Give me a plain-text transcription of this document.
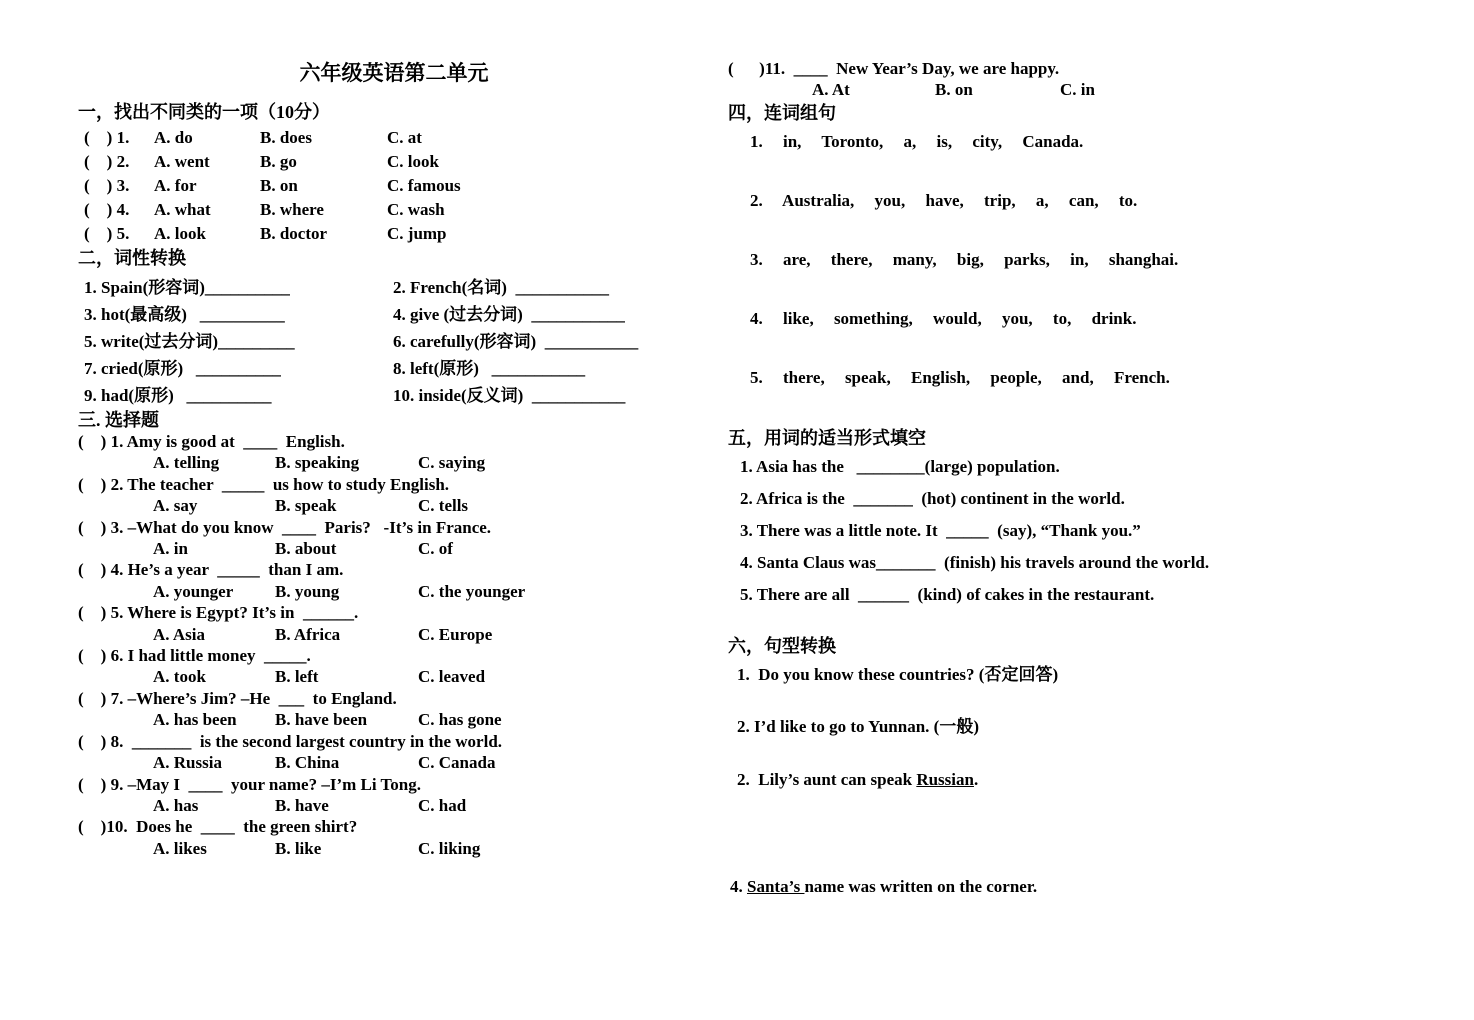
六年级英语第二单元
一，找出不同类的一项（10分）
(    ) 1.	A. do	B. does	C. at
(    ) 2.	A. went	B. go	C. look
(    ) 3.	A. for	B. on	C. famous
(    ) 4.	A. what	B. where	C. wash
(    ) 5.	A. look	B. doctor	C. jump
二，词性转换
1. Spain(形容词)__________	2. French(名词)  ___________
3. hot(最高级)   __________	4. give (过去分词)  ___________
5. write(过去分词)_________	6. carefully(形容词)  ___________
7. cried(原形)   __________	8. left(原形)   ___________
9. had(原形)   __________	10. inside(反义词)  ___________
三. 选择题
(    ) 1. Amy is good at  ____  English.
A. telling	B. speaking	C. saying
(    ) 2. The teacher  _____  us how to study English.
A. say	B. speak	C. tells
(    ) 3. –What do you know  ____  Paris?   -It’s in France.
A. in	B. about	C. of
(    ) 4. He’s a year  _____  than I am.
A. younger	B. young	C. the younger
(    ) 5. Where is Egypt? It’s in  ______.
A. Asia	B. Africa	C. Europe
(    ) 6. I had little money  _____.
A. took	B. left	C. leaved
(    ) 7. –Where’s Jim? –He  ___  to England.
A. has been	B. have been	C. has gone
(    ) 8.  _______  is the second largest country in the world.
A. Russia	B. China	C. Canada
(    ) 9. –May I  ____  your name? –I’m Li Tong.
A. has	B. have	C. had
(    )10.  Does he  ____  the green shirt?
A. likes	B. like	C. liking
(      )11.  ____  New Year’s Day, we are happy.
A. At	B. on	C. in
四，连词组句
1. in, Toronto, a, is, city, Canada.
2. Australia, you, have, trip, a, can, to.
3. are, there, many, big, parks, in, shanghai.
4. like, something, would, you, to, drink.
5. there, speak, English, people, and, French.
五，用词的适当形式填空
1. Asia has the   ________(large) population.
2. Africa is the  _______  (hot) continent in the world.
3. There was a little note. It  _____  (say), “Thank you.”
4. Santa Claus was_______  (finish) his travels around the world.
5. There are all  ______  (kind) of cakes in the restaurant.
六，句型转换
1.  Do you know these countries? (否定回答)
2. I’d like to go to Yunnan. (一般)
2.  Lily’s aunt can speak Russian.
4. Santa’s name was written on the corner.
